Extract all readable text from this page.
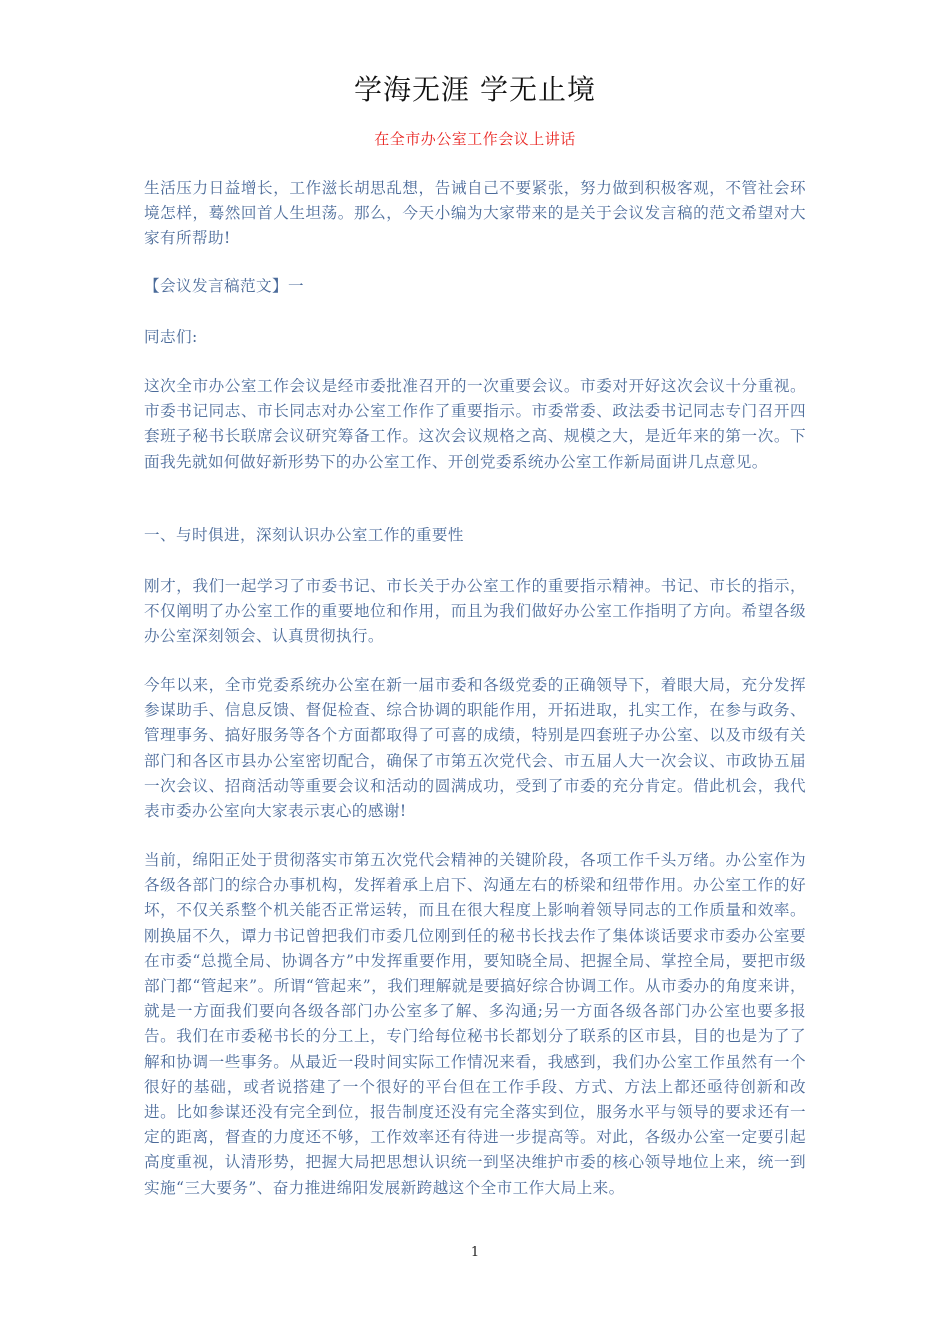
学海无涯 学无止境
在全市办公室工作会议上讲话

生活压力日益增长，工作滋长胡思乱想，告诫自己不要紧张，努力做到积极客观，不管社会环境怎样，蓦然回首人生坦荡。那么，今天小编为大家带来的是关于会议发言稿的范文希望对大家有所帮助!

【会议发言稿范文】一

同志们:

这次全市办公室工作会议是经市委批准召开的一次重要会议。市委对开好这次会议十分重视。市委书记同志、市长同志对办公室工作作了重要指示。市委常委、政法委书记同志专门召开四套班子秘书长联席会议研究筹备工作。这次会议规格之高、规模之大，是近年来的第一次。下面我先就如何做好新形势下的办公室工作、开创党委系统办公室工作新局面讲几点意见。

一、与时俱进，深刻认识办公室工作的重要性

刚才，我们一起学习了市委书记、市长关于办公室工作的重要指示精神。书记、市长的指示，不仅阐明了办公室工作的重要地位和作用，而且为我们做好办公室工作指明了方向。希望各级办公室深刻领会、认真贯彻执行。

今年以来，全市党委系统办公室在新一届市委和各级党委的正确领导下，着眼大局，充分发挥参谋助手、信息反馈、督促检查、综合协调的职能作用，开拓进取，扎实工作，在参与政务、管理事务、搞好服务等各个方面都取得了可喜的成绩，特别是四套班子办公室、以及市级有关部门和各区市县办公室密切配合，确保了市第五次党代会、市五届人大一次会议、市政协五届一次会议、招商活动等重要会议和活动的圆满成功，受到了市委的充分肯定。借此机会，我代表市委办公室向大家表示衷心的感谢!

当前，绵阳正处于贯彻落实市第五次党代会精神的关键阶段，各项工作千头万绪。办公室作为各级各部门的综合办事机构，发挥着承上启下、沟通左右的桥梁和纽带作用。办公室工作的好坏，不仅关系整个机关能否正常运转，而且在很大程度上影响着领导同志的工作质量和效率。刚换届不久，谭力书记曾把我们市委几位刚到任的秘书长找去作了集体谈话要求市委办公室要在市委“总揽全局、协调各方”中发挥重要作用，要知晓全局、把握全局、掌控全局，要把市级部门都“管起来”。所谓“管起来”，我们理解就是要搞好综合协调工作。从市委办的角度来讲，就是一方面我们要向各级各部门办公室多了解、多沟通;另一方面各级各部门办公室也要多报告。我们在市委秘书长的分工上，专门给每位秘书长都划分了联系的区市县，目的也是为了了解和协调一些事务。从最近一段时间实际工作情况来看，我感到，我们办公室工作虽然有一个很好的基础，或者说搭建了一个很好的平台但在工作手段、方式、方法上都还亟待创新和改进。比如参谋还没有完全到位，报告制度还没有完全落实到位，服务水平与领导的要求还有一定的距离，督查的力度还不够，工作效率还有待进一步提高等。对此，各级办公室一定要引起高度重视，认清形势，把握大局把思想认识统一到坚决维护市委的核心领导地位上来，统一到实施“三大要务”、奋力推进绵阳发展新跨越这个全市工作大局上来。

1
